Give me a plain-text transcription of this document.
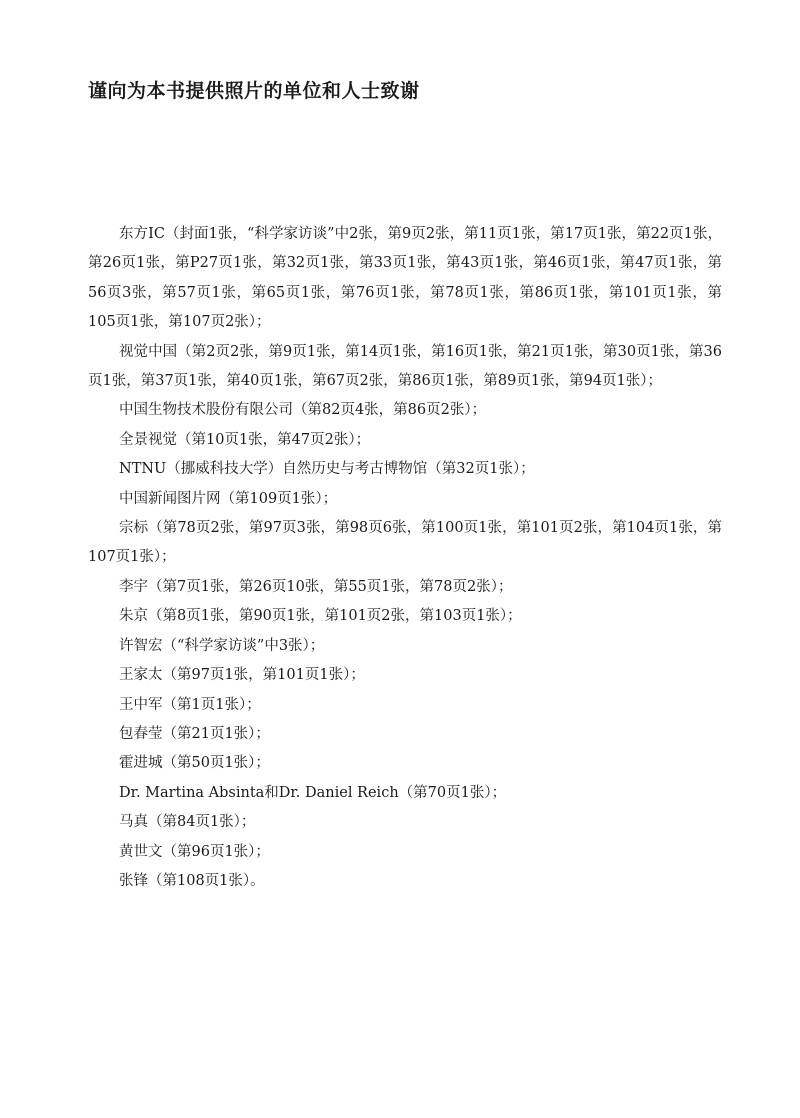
谨向为本书提供照片的单位和人士致谢

东方IC（封面1张，“科学家访谈”中2张，第9页2张，第11页1张，第17页1张，第22页1张，第26页1张，第P27页1张，第32页1张，第33页1张，第43页1张，第46页1张，第47页1张，第56页3张，第57页1张，第65页1张，第76页1张，第78页1张，第86页1张，第101页1张，第105页1张，第107页2张）；

视觉中国（第2页2张，第9页1张，第14页1张，第16页1张，第21页1张，第30页1张，第36页1张，第37页1张，第40页1张，第67页2张，第86页1张，第89页1张，第94页1张）；

中国生物技术股份有限公司（第82页4张，第86页2张）；

全景视觉（第10页1张，第47页2张）；

NTNU（挪威科技大学）自然历史与考古博物馆（第32页1张）；

中国新闻图片网（第109页1张）；

宗标（第78页2张，第97页3张，第98页6张，第100页1张，第101页2张，第104页1张，第107页1张）；

李宇（第7页1张，第26页10张，第55页1张，第78页2张）；

朱京（第8页1张，第90页1张，第101页2张，第103页1张）；

许智宏（“科学家访谈”中3张）；

王家太（第97页1张，第101页1张）；

王中军（第1页1张）；

包春莹（第21页1张）；

霍进城（第50页1张）；

Dr. Martina Absinta和Dr. Daniel Reich（第70页1张）；

马真（第84页1张）；

黄世文（第96页1张）；

张锋（第108页1张）。
